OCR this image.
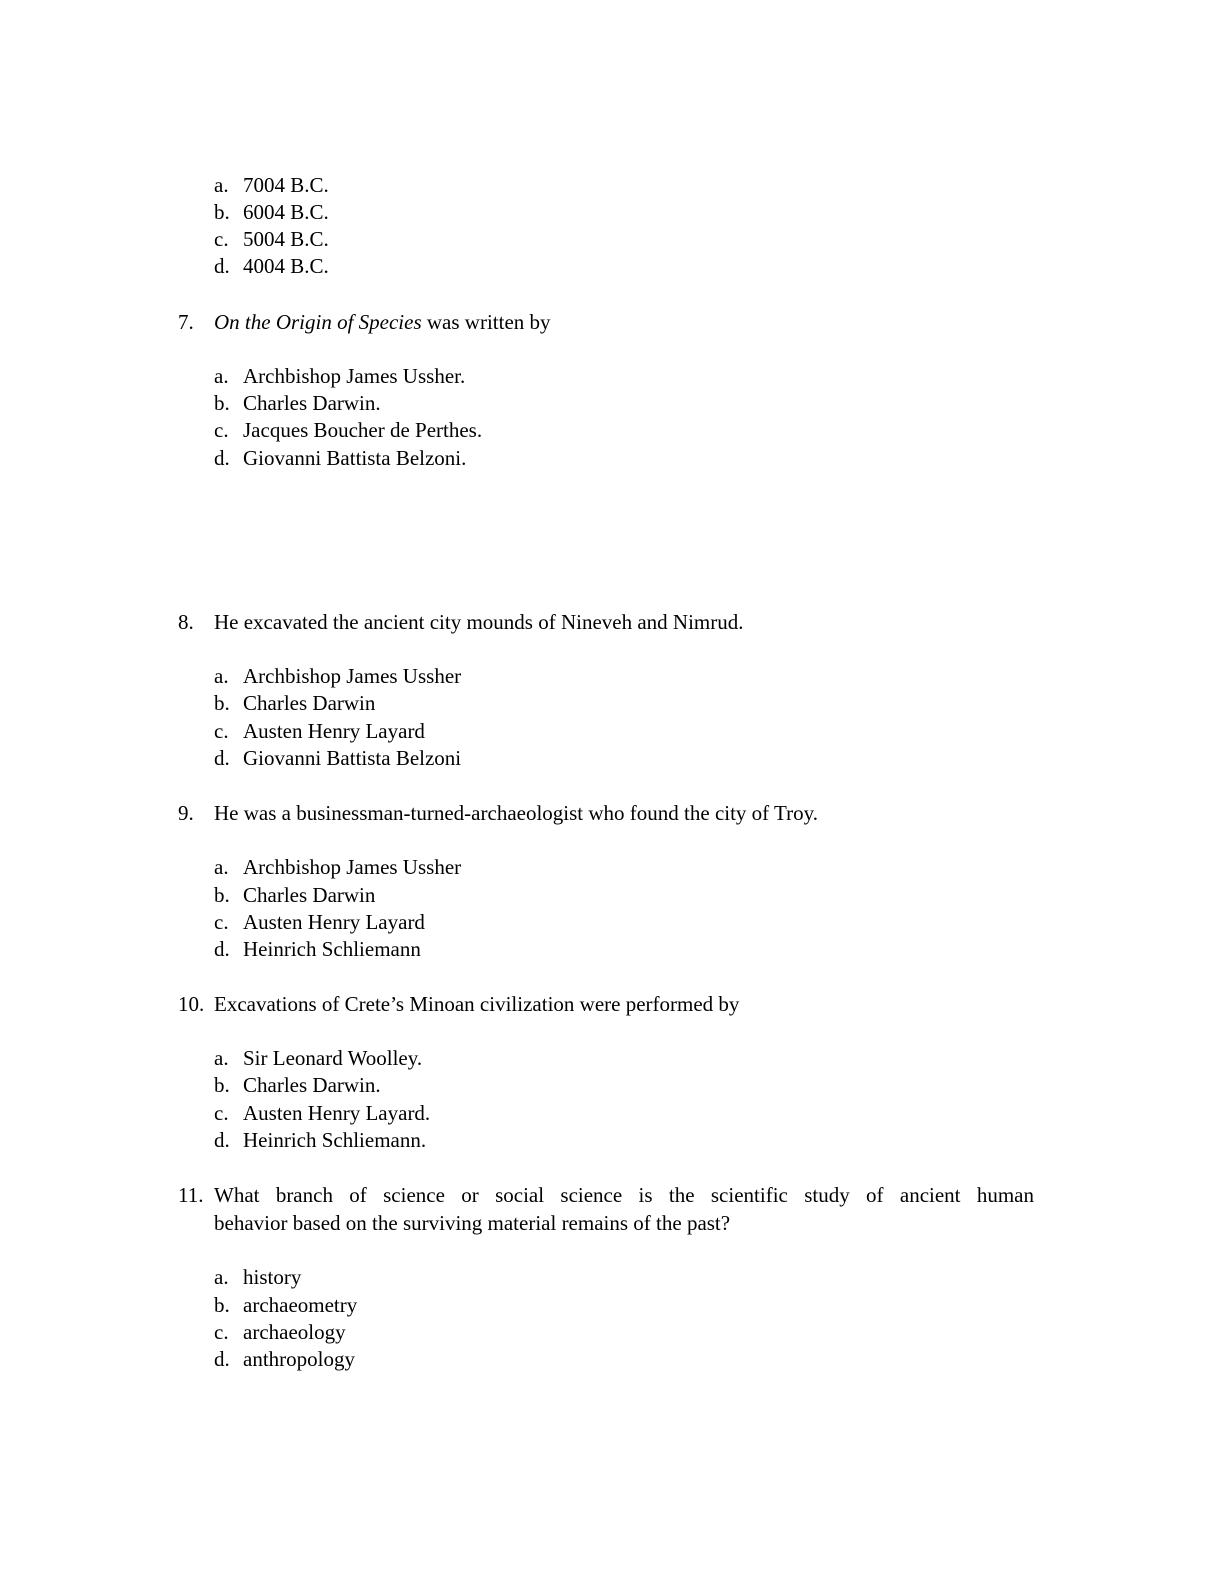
a. 7004 B.C.
b. 6004 B.C.
c. 5004 B.C.
d. 4004 B.C.
7. On the Origin of Species was written by
a. Archbishop James Ussher.
b. Charles Darwin.
c. Jacques Boucher de Perthes.
d. Giovanni Battista Belzoni.
8. He excavated the ancient city mounds of Nineveh and Nimrud.
a. Archbishop James Ussher
b. Charles Darwin
c. Austen Henry Layard
d. Giovanni Battista Belzoni
9. He was a businessman-turned-archaeologist who found the city of Troy.
a. Archbishop James Ussher
b. Charles Darwin
c. Austen Henry Layard
d. Heinrich Schliemann
10. Excavations of Crete’s Minoan civilization were performed by
a. Sir Leonard Woolley.
b. Charles Darwin.
c. Austen Henry Layard.
d. Heinrich Schliemann.
11. What branch of science or social science is the scientific study of ancient human
behavior based on the surviving material remains of the past?
a. history
b. archaeometry
c. archaeology
d. anthropology
